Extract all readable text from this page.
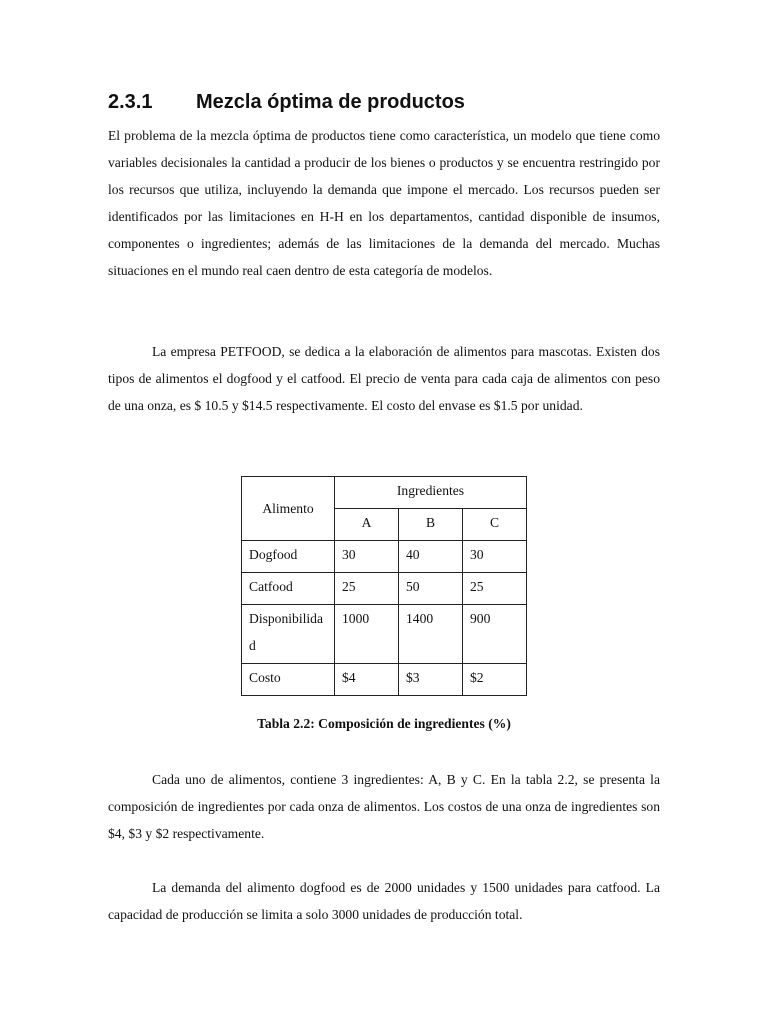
2.3.1 Mezcla óptima de productos

El problema de la mezcla óptima de productos tiene como característica, un modelo que tiene como variables decisionales la cantidad a producir de los bienes o productos y se encuentra restringido por los recursos que utiliza, incluyendo la demanda que impone el mercado. Los recursos pueden ser identificados por las limitaciones en H-H en los departamentos, cantidad disponible de insumos, componentes o ingredientes; además de las limitaciones de la demanda del mercado. Muchas situaciones en el mundo real caen dentro de esta categoría de modelos.

La empresa PETFOOD, se dedica a la elaboración de alimentos para mascotas. Existen dos tipos de alimentos el dogfood y el catfood. El precio de venta para cada caja de alimentos con peso de una onza, es $ 10.5 y $14.5 respectivamente. El costo del envase es $1.5 por unidad.

Alimento	Ingredientes		
	A	B	C
Dogfood	30	40	30
Catfood	25	50	25
Disponibilidad	1000	1400	900
Costo	$4	$3	$2
Tabla 2.2: Composición de ingredientes (%)

Cada uno de alimentos, contiene 3 ingredientes: A, B y C. En la tabla 2.2, se presenta la composición de ingredientes por cada onza de alimentos. Los costos de una onza de ingredientes son $4, $3 y $2 respectivamente.

La demanda del alimento dogfood es de 2000 unidades y 1500 unidades para catfood. La capacidad de producción se limita a solo 3000 unidades de producción total.
